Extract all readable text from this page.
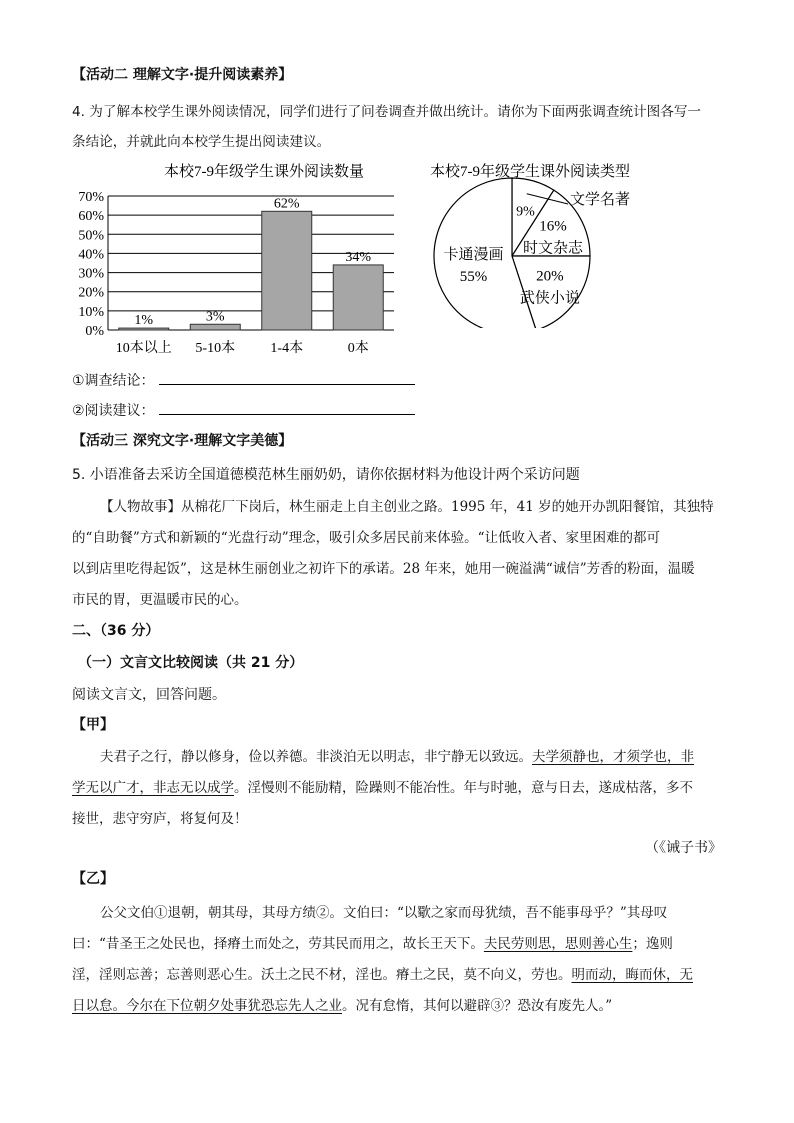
【活动二 理解文字·提升阅读素养】
4. 为了解本校学生课外阅读情况，同学们进行了问卷调查并做出统计。请你为下面两张调查统计图各写一
条结论，并就此向本校学生提出阅读建议。
本校7-9年级学生课外阅读数量
0%
10%
20%
30%
40%
50%
60%
70%
1%	3%
62%
34%
10本以上 5-10本	1-4本	0本
本校7-9年级学生课外阅读类型
9%
文学名著
16%
时文杂志
20%
武侠小说
卡通漫画
55%
①调查结论：
②阅读建议：
【活动三 深究文字·理解文字美德】
5. 小语准备去采访全国道德模范林生丽奶奶，请你依据材料为他设计两个采访问题
【人物故事】从棉花厂下岗后，林生丽走上自主创业之路。1995 年，41 岁的她开办凯阳餐馆，其独特
的“自助餐”方式和新颖的“光盘行动”理念，吸引众多居民前来体验。“让低收入者、家里困难的都可
以到店里吃得起饭”，这是林生丽创业之初许下的承诺。28 年来，她用一碗溢满“诚信”芳香的粉面，温暖
市民的胃，更温暖市民的心。
二、（36 分）
（一）文言文比较阅读（共 21 分）
阅读文言文，回答问题。
【甲】
夫君子之行，静以修身，俭以养德。非淡泊无以明志，非宁静无以致远。夫学须静也，才须学也，非
学无以广才，非志无以成学。淫慢则不能励精，险躁则不能冶性。年与时驰，意与日去，遂成枯落，多不
接世，悲守穷庐，将复何及！
（《诫子书》
【乙】
公父文伯①退朝，朝其母，其母方绩②。文伯曰：“以歜之家而母犹绩，吾不能事母乎？”其母叹
曰：“昔圣王之处民也，择瘠土而处之，劳其民而用之，故长王天下。夫民劳则思，思则善心生；逸则
淫，淫则忘善；忘善则恶心生。沃土之民不材，淫也。瘠土之民，莫不向义，劳也。明而动，晦而休，无
日以怠。今尔在下位朝夕处事犹恐忘先人之业。况有怠惰，其何以避辟③？恐汝有废先人。”
